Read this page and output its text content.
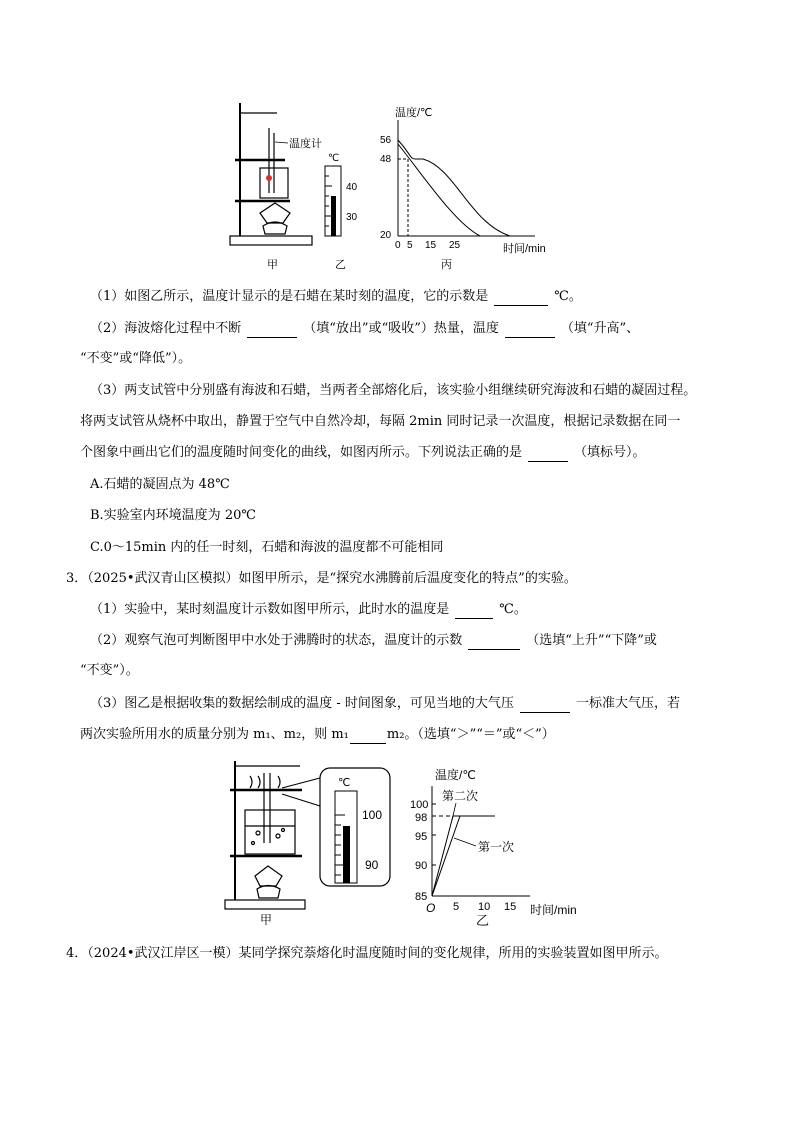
温度计
℃
40
30
温度/℃
56
48
20
0 5 15 25	时间/min
甲	乙	丙
（1）如图乙所示，温度计显示的是石蜡在某时刻的温度，它的示数是	℃。
（2）海波熔化过程中不断	（填“放出”或“吸收”）热量，温度	（填“升高”、
“不变”或“降低”）。
（3）两支试管中分别盛有海波和石蜡，当两者全部熔化后，该实验小组继续研究海波和石蜡的凝固过程。
将两支试管从烧杯中取出，静置于空气中自然冷却，每隔 2min 同时记录一次温度，根据记录数据在同一
个图象中画出它们的温度随时间变化的曲线，如图丙所示。下列说法正确的是	（填标号）。
A.石蜡的凝固点为 48℃
B.实验室内环境温度为 20℃
C.0～15min 内的任一时刻，石蜡和海波的温度都不可能相同
3．（2025•武汉青山区模拟）如图甲所示，是“探究水沸腾前后温度变化的特点”的实验。
（1）实验中，某时刻温度计示数如图甲所示，此时水的温度是	℃。
（2）观察气泡可判断图甲中水处于沸腾时的状态，温度计的示数	（选填“上升”“下降”或
“不变”）。
（3）图乙是根据收集的数据绘制成的温度 - 时间图象，可见当地的大气压	一标准大气压，若
两次实验所用水的质量分别为 m₁、m₂，则 m₁	m₂。（选填“＞”“＝”或“＜”）
℃
100
90
温度/℃
100
98
95
90
85
第二次
第一次
O 5 10 15 时间/min
甲	乙
4．（2024•武汉江岸区一模）某同学探究萘熔化时温度随时间的变化规律，所用的实验装置如图甲所示。
